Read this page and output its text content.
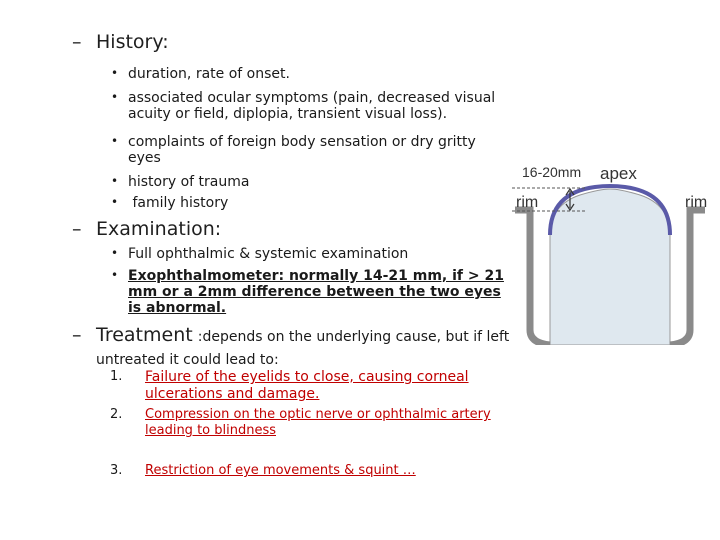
– History:
• duration, rate of onset.
• associated ocular symptoms (pain, decreased visual acuity or field, diplopia, transient visual loss).
• complaints of foreign body sensation or dry gritty eyes
• history of trauma
• family history
– Examination:
• Full ophthalmic & systemic examination
• Exophthalmometer: normally 14-21 mm, if > 21 mm or a 2mm difference between the two eyes is abnormal.
– Treatment :depends on the underlying cause, but if left untreated it could lead to:
1. Failure of the eyelids to close, causing corneal ulcerations and damage.
2. Compression on the optic nerve or ophthalmic artery leading to blindness
3. Restriction of eye movements & squint …
16-20mm apex
rim	rim
